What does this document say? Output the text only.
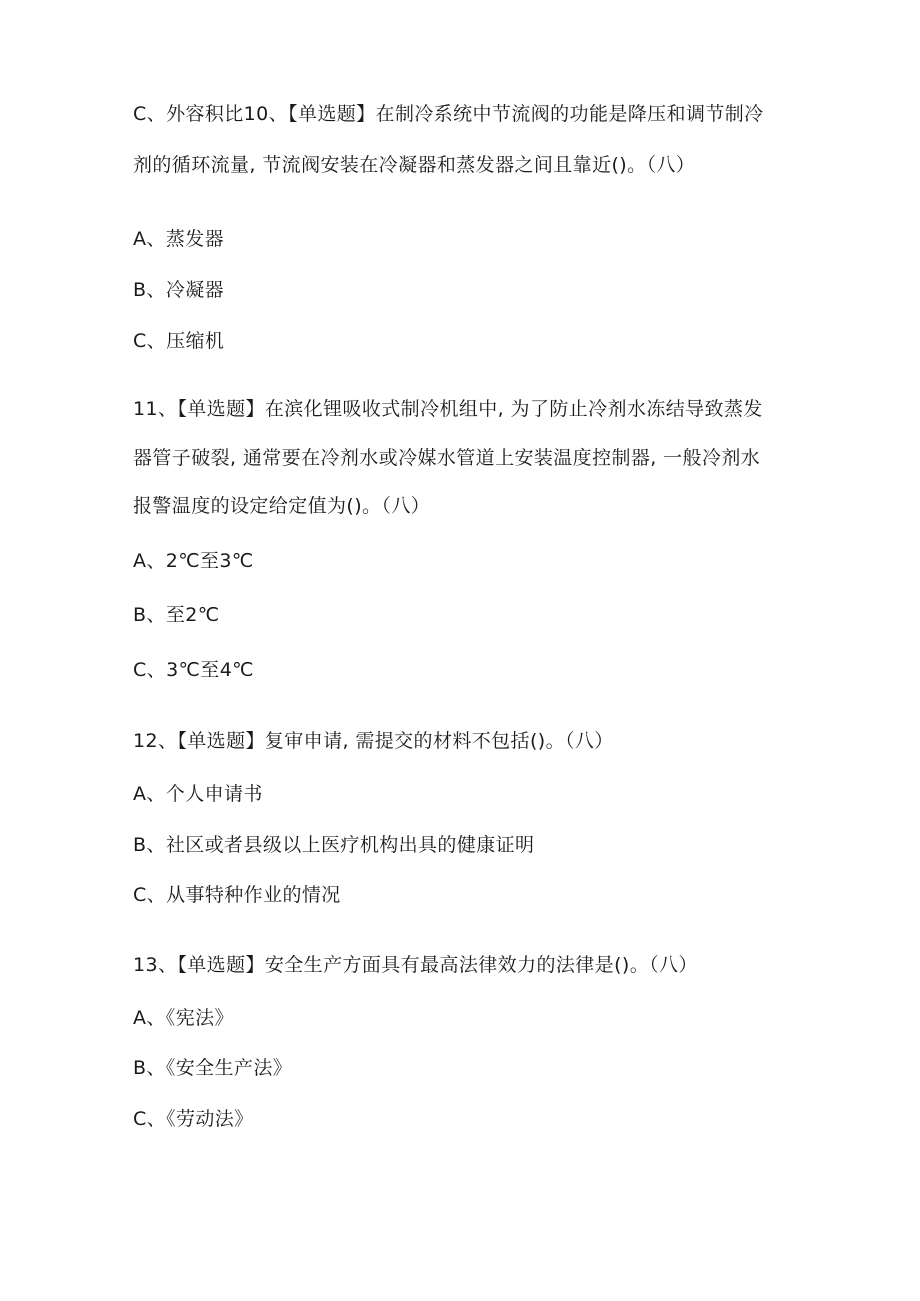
C、外容积比10、【单选题】在制冷系统中节流阀的功能是降压和调节制冷
剂的循环流量, 节流阀安装在冷凝器和蒸发器之间且靠近()。（八）
A、蒸发器
B、冷凝器
C、压缩机
11、【单选题】在滨化锂吸收式制冷机组中, 为了防止冷剂水冻结导致蒸发
器管子破裂, 通常要在冷剂水或冷媒水管道上安装温度控制器, 一般冷剂水
报警温度的设定给定值为()。（八）
A、2℃至3℃
B、至2℃
C、3℃至4℃
12、【单选题】复审申请, 需提交的材料不包括()。（八）
A、个人申请书
B、社区或者县级以上医疗机构出具的健康证明
C、从事特种作业的情况
13、【单选题】安全生产方面具有最高法律效力的法律是()。（八）
A、《宪法》
B、《安全生产法》
C、《劳动法》
